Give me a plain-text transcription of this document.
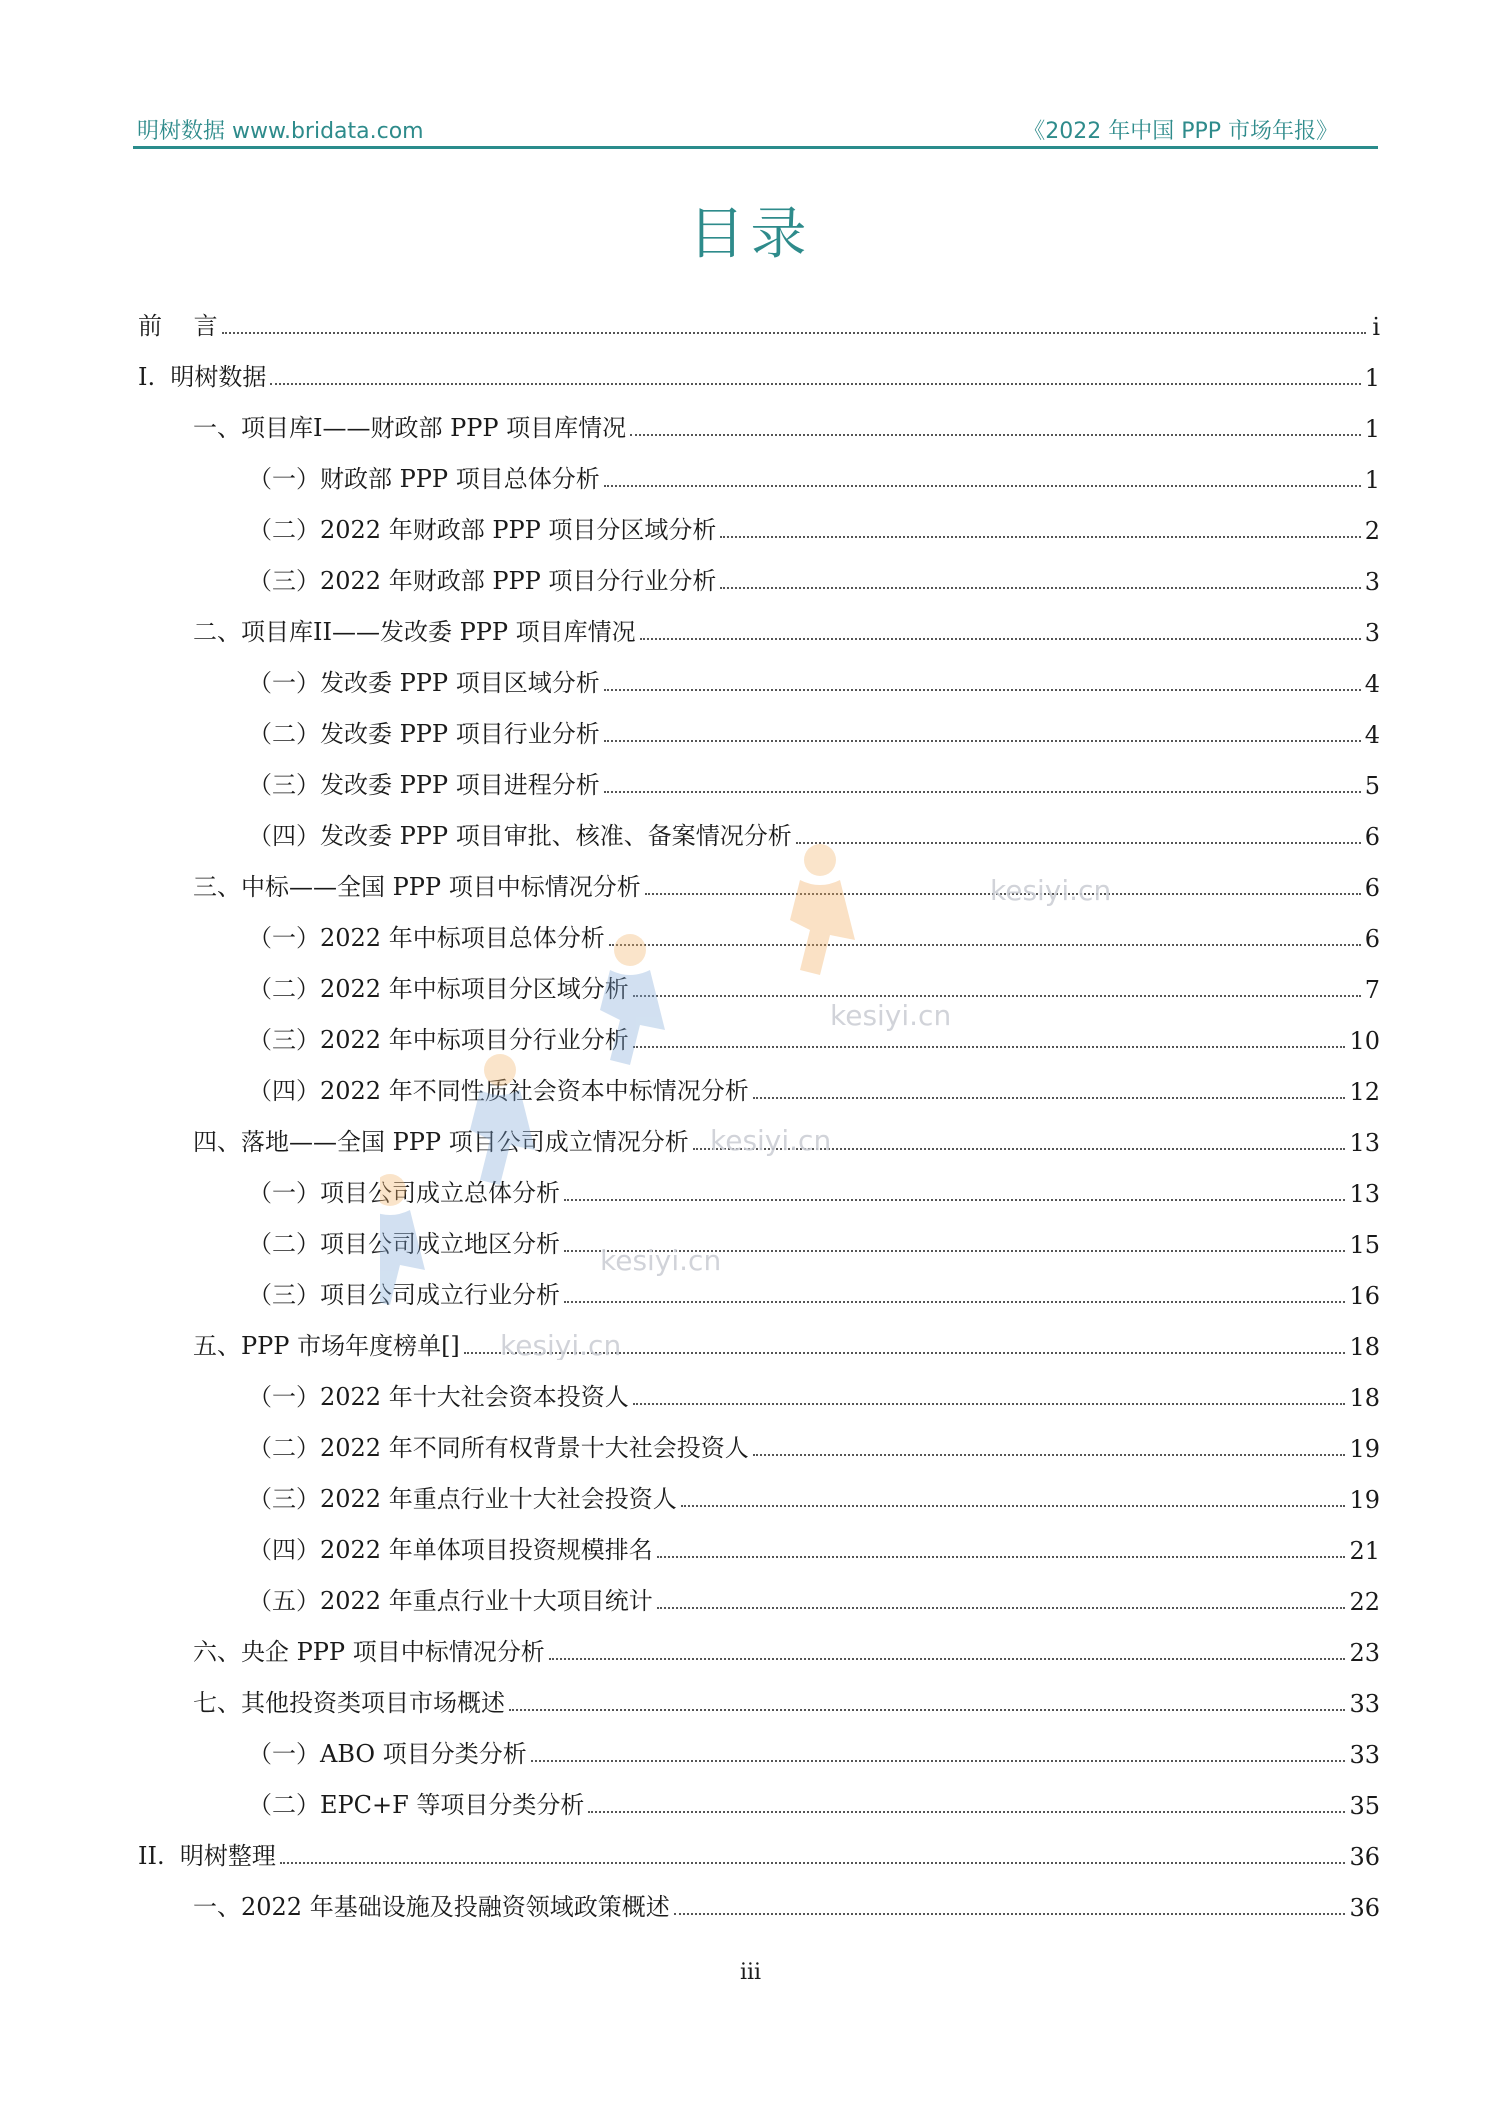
明树数据 www.bridata.com	《2022 年中国 PPP 市场年报》
目录
前　 言	i
I.  明树数据	1
一、项目库I——财政部 PPP 项目库情况	1
（一）财政部 PPP 项目总体分析	1
（二）2022 年财政部 PPP 项目分区域分析	2
（三）2022 年财政部 PPP 项目分行业分析	3
二、项目库II——发改委 PPP 项目库情况	3
（一）发改委 PPP 项目区域分析	4
（二）发改委 PPP 项目行业分析	4
（三）发改委 PPP 项目进程分析	5
（四）发改委 PPP 项目审批、核准、备案情况分析	6
三、中标——全国 PPP 项目中标情况分析	6
（一）2022 年中标项目总体分析	6
（二）2022 年中标项目分区域分析	7
（三）2022 年中标项目分行业分析	10
（四）2022 年不同性质社会资本中标情况分析	12
四、落地——全国 PPP 项目公司成立情况分析	13
（一）项目公司成立总体分析	13
（二）项目公司成立地区分析	15
（三）项目公司成立行业分析	16
五、PPP 市场年度榜单[]	18
（一）2022 年十大社会资本投资人	18
（二）2022 年不同所有权背景十大社会投资人	19
（三）2022 年重点行业十大社会投资人	19
（四）2022 年单体项目投资规模排名	21
（五）2022 年重点行业十大项目统计	22
六、央企 PPP 项目中标情况分析	23
七、其他投资类项目市场概述	33
（一）ABO 项目分类分析	33
（二）EPC+F 等项目分类分析	35
II.  明树整理	36
一、2022 年基础设施及投融资领域政策概述	36
kesiyi.cn
kesiyi.cn
kesiyi.cn
kesiyi.cn
kesiyi.cn
iii
